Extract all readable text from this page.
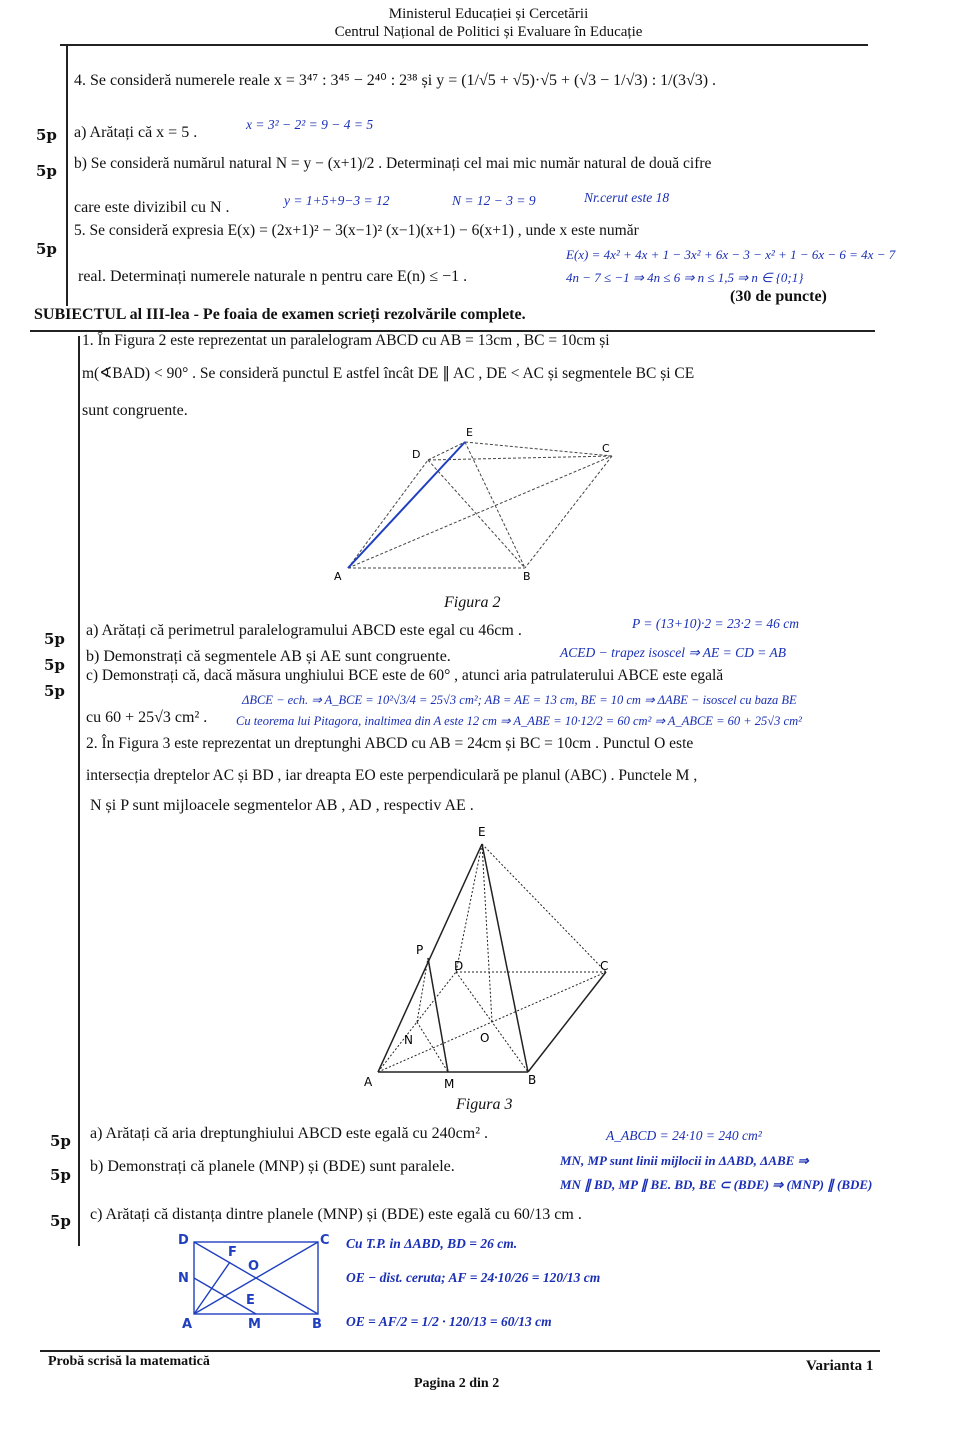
Ministerul Educației și Cercetării
Centrul Național de Politici și Evaluare în Educație
4. Se consideră numerele reale x = 3⁴⁷ : 3⁴⁵ − 2⁴⁰ : 2³⁸ și y = (1/√5 + √5)·√5 + (√3 − 1/√3) : 1/(3√3) .
5p a) Arătați că x = 5 .	x = 3² − 2² = 9 − 4 = 5
5p b) Se consideră numărul natural N = y − (x+1)/2 . Determinați cel mai mic număr natural de două cifre
care este divizibil cu N .	y = 1+5+9−3 = 12	N = 12 − 3 = 9	Nr.cerut este 18
5p
5. Se consideră expresia E(x) = (2x+1)² − 3(x−1)² (x−1)(x+1) − 6(x+1) , unde x este număr
E(x) = 4x² + 4x + 1 − 3x² + 6x − 3 − x² + 1 − 6x − 6 = 4x − 7
real. Determinați numerele naturale n pentru care E(n) ≤ −1 .	4n − 7 ≤ −1 ⇒ 4n ≤ 6 ⇒ n ≤ 1,5 ⇒ n ∈ {0;1}
(30 de puncte)
SUBIECTUL al III-lea - Pe foaia de examen scrieți rezolvările complete.
1. În Figura 2 este reprezentat un paralelogram ABCD cu AB = 13cm , BC = 10cm și
m(∢BAD) < 90° . Se consideră punctul E astfel încât DE ∥ AC , DE < AC și segmentele BC și CE
sunt congruente.
A	B
C
D
E
Figura 2
5p a) Arătați că perimetrul paralelogramului ABCD este egal cu 46cm .	P = (13+10)·2 = 23·2 = 46 cm
5p b) Demonstrați că segmentele AB și AE sunt congruente.	ACED − trapez isoscel ⇒ AE = CD = AB
5p
c) Demonstrați că, dacă măsura unghiului BCE este de 60° , atunci aria patrulaterului ABCE este egală
ΔBCE − ech. ⇒ A_BCE = 10²√3/4 = 25√3 cm²; AB = AE = 13 cm, BE = 10 cm ⇒ ΔABE − isoscel cu baza BE
cu 60 + 25√3 cm² . Cu teorema lui Pitagora, inaltimea din A este 12 cm ⇒ A_ABE = 10·12/2 = 60 cm² ⇒ A_ABCE = 60 + 25√3 cm²
2. În Figura 3 este reprezentat un dreptunghi ABCD cu AB = 24cm și BC = 10cm . Punctul O este
intersecția dreptelor AC și BD , iar dreapta EO este perpendiculară pe planul (ABC) . Punctele M ,
N și P sunt mijloacele segmentelor AB , AD , respectiv AE .
E
P
D	C
N	O
A	M	B
Figura 3
5p a) Arătați că aria dreptunghiului ABCD este egală cu 240cm² .	A_ABCD = 24·10 = 240 cm²
5p b) Demonstrați că planele (MNP) și (BDE) sunt paralele.	MN, MP sunt linii mijlocii in ΔABD, ΔABE ⇒
MN ∥ BD, MP ∥ BE. BD, BE ⊂ (BDE) ⇒ (MNP) ∥ (BDE)
5p c) Arătați că distanța dintre planele (MNP) și (BDE) este egală cu 60/13 cm .
D	C
F
O
N
E
A	M	B
Cu T.P. in ΔABD, BD = 26 cm.
OE − dist. ceruta; AF = 24·10/26 = 120/13 cm
OE = AF/2 = 1/2 · 120/13 = 60/13 cm
Probă scrisă la matematică	Varianta 1
Pagina 2 din 2
